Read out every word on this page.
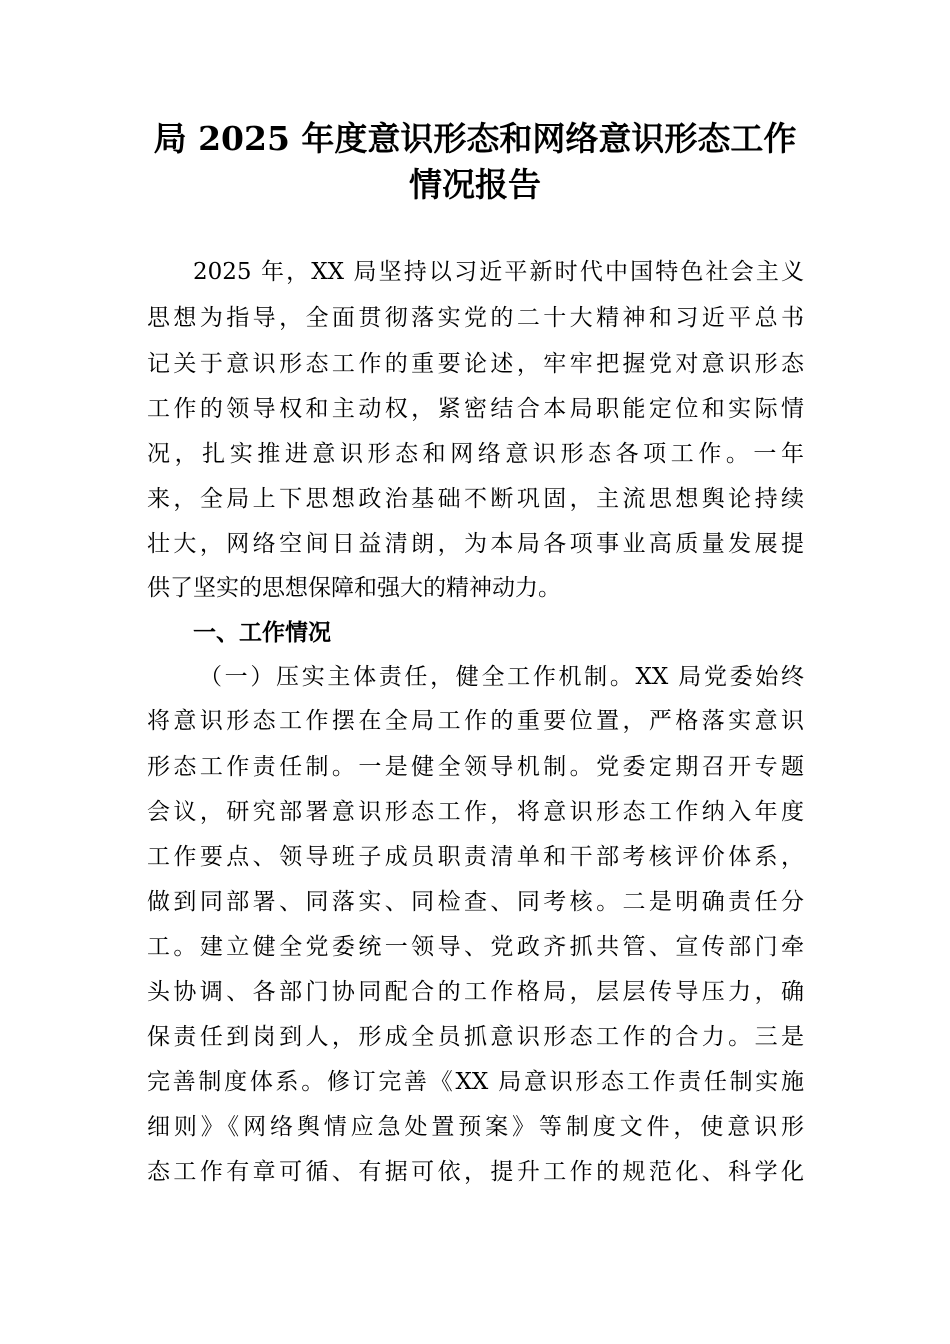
局 2025 年度意识形态和网络意识形态工作
情况报告

2025 年，XX 局坚持以习近平新时代中国特色社会主义

思想为指导，全面贯彻落实党的二十大精神和习近平总书

记关于意识形态工作的重要论述，牢牢把握党对意识形态

工作的领导权和主动权，紧密结合本局职能定位和实际情

况，扎实推进意识形态和网络意识形态各项工作。一年

来，全局上下思想政治基础不断巩固，主流思想舆论持续

壮大，网络空间日益清朗，为本局各项事业高质量发展提

供了坚实的思想保障和强大的精神动力。

一、工作情况

（一）压实主体责任，健全工作机制。XX 局党委始终

将意识形态工作摆在全局工作的重要位置，严格落实意识

形态工作责任制。一是健全领导机制。党委定期召开专题

会议，研究部署意识形态工作，将意识形态工作纳入年度

工作要点、领导班子成员职责清单和干部考核评价体系，

做到同部署、同落实、同检查、同考核。二是明确责任分

工。建立健全党委统一领导、党政齐抓共管、宣传部门牵

头协调、各部门协同配合的工作格局，层层传导压力，确

保责任到岗到人，形成全员抓意识形态工作的合力。三是

完善制度体系。修订完善《XX 局意识形态工作责任制实施

细则》《网络舆情应急处置预案》等制度文件，使意识形

态工作有章可循、有据可依，提升工作的规范化、科学化
